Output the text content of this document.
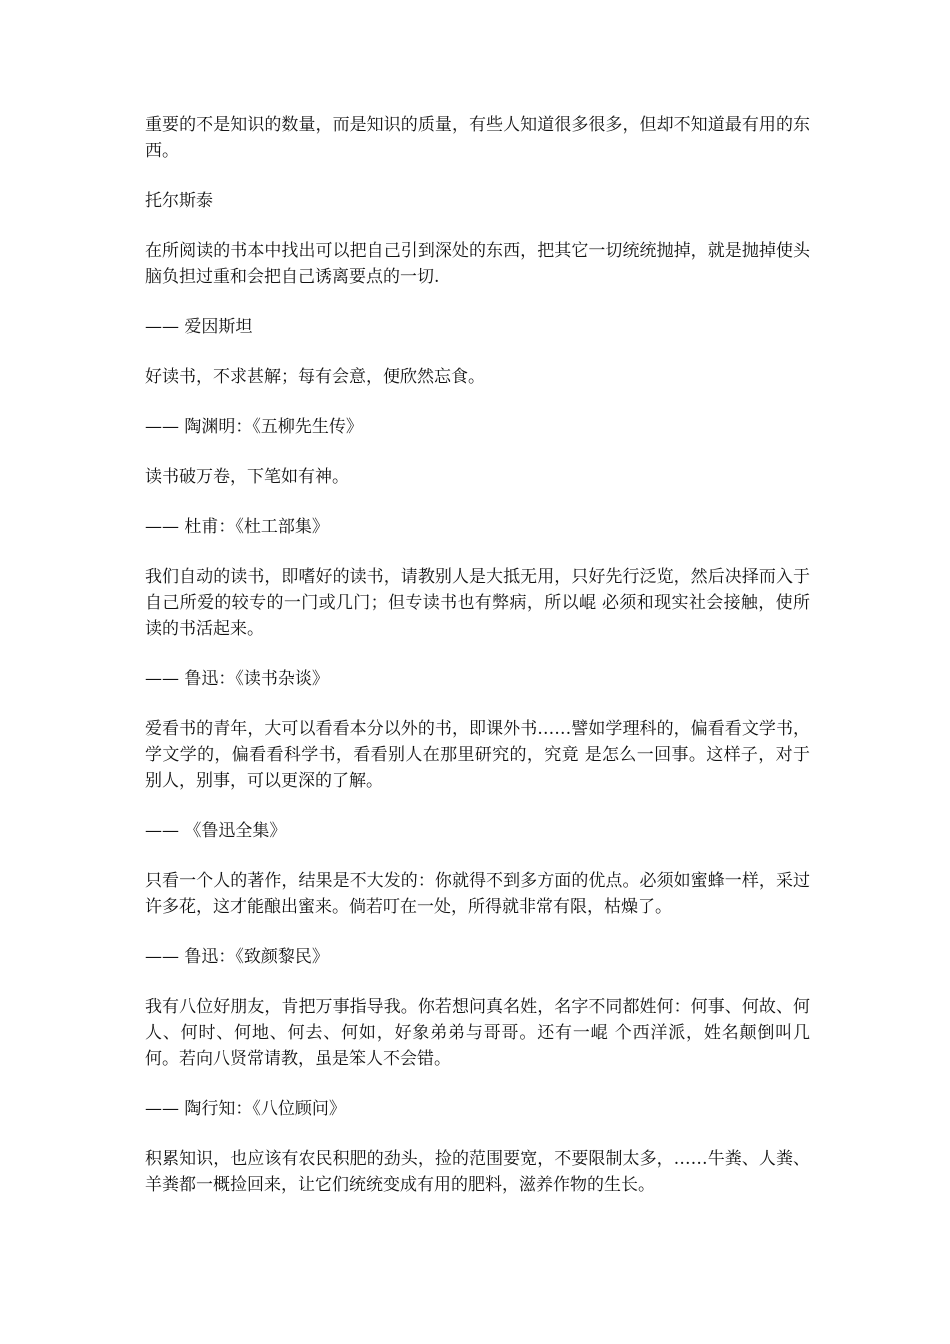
重要的不是知识的数量，而是知识的质量，有些人知道很多很多，但却不知道最有用的东西。

托尔斯泰

在所阅读的书本中找出可以把自己引到深处的东西，把其它一切统统抛掉，就是抛掉使头脑负担过重和会把自己诱离要点的一切.

—— 爱因斯坦

好读书，不求甚解；每有会意，便欣然忘食。

—— 陶渊明：《五柳先生传》

读书破万卷，下笔如有神。

—— 杜甫：《杜工部集》

我们自动的读书，即嗜好的读书，请教别人是大抵无用，只好先行泛览，然后决择而入于自己所爱的较专的一门或几门；但专读书也有弊病，所以崐 必须和现实社会接触，使所读的书活起来。

—— 鲁迅：《读书杂谈》

爱看书的青年，大可以看看本分以外的书，即课外书……譬如学理科的，偏看看文学书，学文学的，偏看看科学书，看看别人在那里研究的，究竟 是怎么一回事。这样子，对于别人，别事，可以更深的了解。

—— 《鲁迅全集》

只看一个人的著作，结果是不大发的：你就得不到多方面的优点。必须如蜜蜂一样，采过许多花，这才能酿出蜜来。倘若叮在一处，所得就非常有限，枯燥了。

—— 鲁迅：《致颜黎民》

我有八位好朋友，肯把万事指导我。你若想问真名姓，名字不同都姓何：何事、何故、何人、何时、何地、何去、何如，好象弟弟与哥哥。还有一崐 个西洋派，姓名颠倒叫几何。若向八贤常请教，虽是笨人不会错。

—— 陶行知：《八位顾问》

积累知识，也应该有农民积肥的劲头，捡的范围要宽，不要限制太多，……牛粪、人粪、羊粪都一概捡回来，让它们统统变成有用的肥料，滋养作物的生长。
